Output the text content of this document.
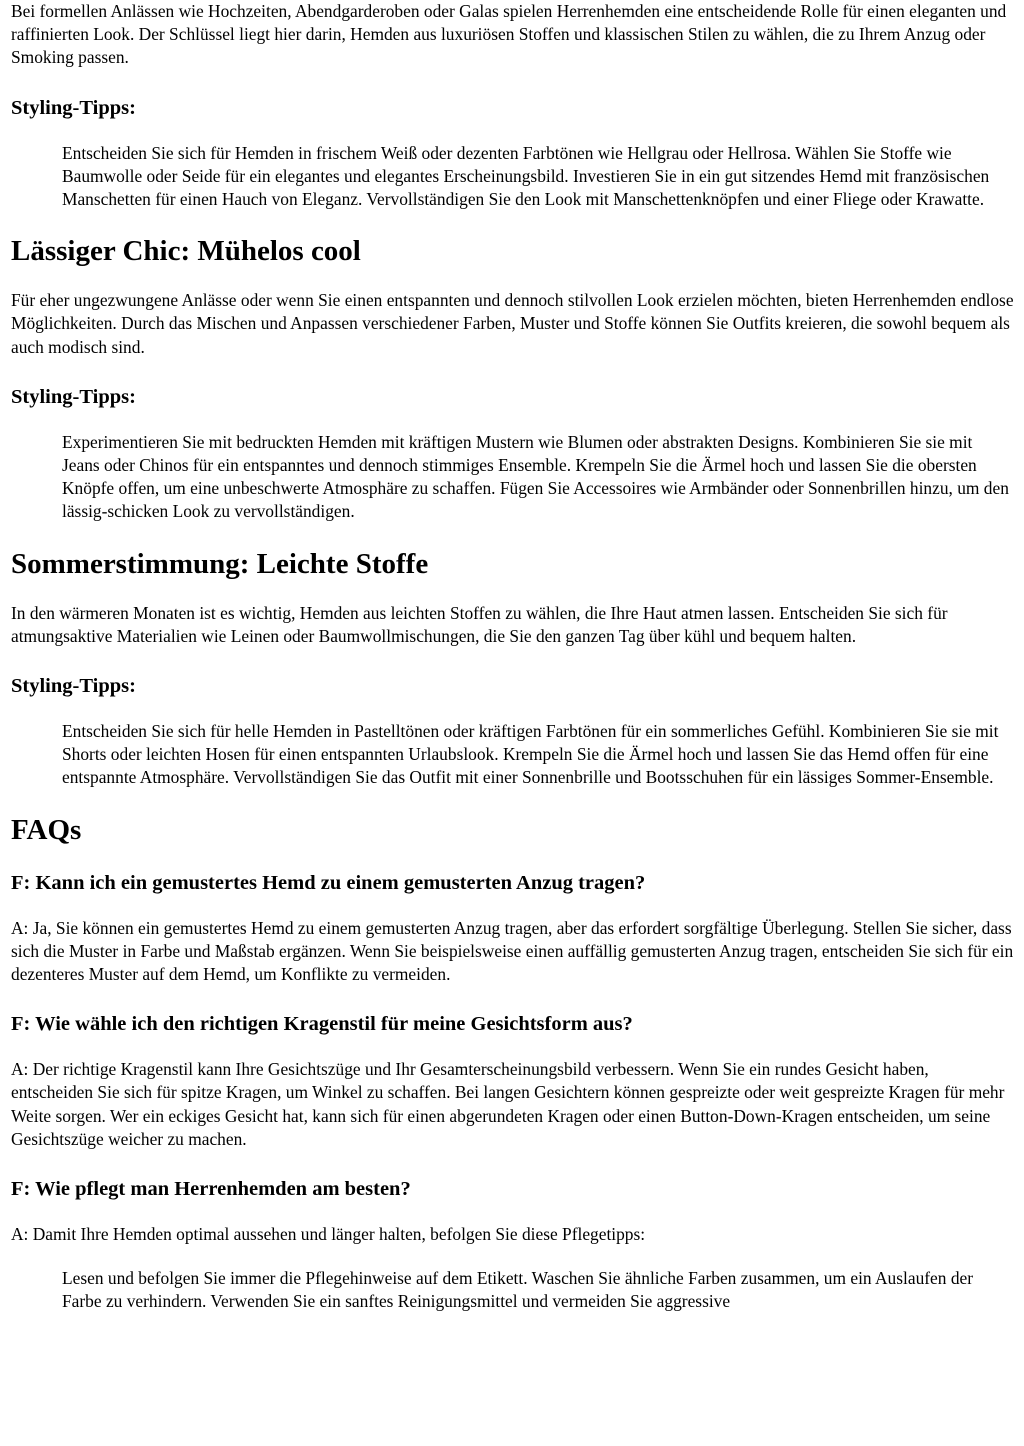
Bei formellen Anlässen wie Hochzeiten, Abendgarderoben oder Galas spielen Herrenhemden eine entscheidende Rolle für einen eleganten und raffinierten Look. Der Schlüssel liegt hier darin, Hemden aus luxuriösen Stoffen und klassischen Stilen zu wählen, die zu Ihrem Anzug oder Smoking passen.

Styling-Tipps:

Entscheiden Sie sich für Hemden in frischem Weiß oder dezenten Farbtönen wie Hellgrau oder Hellrosa. Wählen Sie Stoffe wie Baumwolle oder Seide für ein elegantes und elegantes Erscheinungsbild. Investieren Sie in ein gut sitzendes Hemd mit französischen Manschetten für einen Hauch von Eleganz. Vervollständigen Sie den Look mit Manschettenknöpfen und einer Fliege oder Krawatte.

Lässiger Chic: Mühelos cool

Für eher ungezwungene Anlässe oder wenn Sie einen entspannten und dennoch stilvollen Look erzielen möchten, bieten Herrenhemden endlose Möglichkeiten. Durch das Mischen und Anpassen verschiedener Farben, Muster und Stoffe können Sie Outfits kreieren, die sowohl bequem als auch modisch sind.

Styling-Tipps:

Experimentieren Sie mit bedruckten Hemden mit kräftigen Mustern wie Blumen oder abstrakten Designs. Kombinieren Sie sie mit Jeans oder Chinos für ein entspanntes und dennoch stimmiges Ensemble. Krempeln Sie die Ärmel hoch und lassen Sie die obersten Knöpfe offen, um eine unbeschwerte Atmosphäre zu schaffen. Fügen Sie Accessoires wie Armbänder oder Sonnenbrillen hinzu, um den lässig-schicken Look zu vervollständigen.

Sommerstimmung: Leichte Stoffe

In den wärmeren Monaten ist es wichtig, Hemden aus leichten Stoffen zu wählen, die Ihre Haut atmen lassen. Entscheiden Sie sich für atmungsaktive Materialien wie Leinen oder Baumwollmischungen, die Sie den ganzen Tag über kühl und bequem halten.

Styling-Tipps:

Entscheiden Sie sich für helle Hemden in Pastelltönen oder kräftigen Farbtönen für ein sommerliches Gefühl. Kombinieren Sie sie mit Shorts oder leichten Hosen für einen entspannten Urlaubslook. Krempeln Sie die Ärmel hoch und lassen Sie das Hemd offen für eine entspannte Atmosphäre. Vervollständigen Sie das Outfit mit einer Sonnenbrille und Bootsschuhen für ein lässiges Sommer-Ensemble.

FAQs
F: Kann ich ein gemustertes Hemd zu einem gemusterten Anzug tragen?

A: Ja, Sie können ein gemustertes Hemd zu einem gemusterten Anzug tragen, aber das erfordert sorgfältige Überlegung. Stellen Sie sicher, dass sich die Muster in Farbe und Maßstab ergänzen. Wenn Sie beispielsweise einen auffällig gemusterten Anzug tragen, entscheiden Sie sich für ein dezenteres Muster auf dem Hemd, um Konflikte zu vermeiden.

F: Wie wähle ich den richtigen Kragenstil für meine Gesichtsform aus?

A: Der richtige Kragenstil kann Ihre Gesichtszüge und Ihr Gesamterscheinungsbild verbessern. Wenn Sie ein rundes Gesicht haben, entscheiden Sie sich für spitze Kragen, um Winkel zu schaffen. Bei langen Gesichtern können gespreizte oder weit gespreizte Kragen für mehr Weite sorgen. Wer ein eckiges Gesicht hat, kann sich für einen abgerundeten Kragen oder einen Button-Down-Kragen entscheiden, um seine Gesichtszüge weicher zu machen.

F: Wie pflegt man Herrenhemden am besten?

A: Damit Ihre Hemden optimal aussehen und länger halten, befolgen Sie diese Pflegetipps:

Lesen und befolgen Sie immer die Pflegehinweise auf dem Etikett. Waschen Sie ähnliche Farben zusammen, um ein Auslaufen der Farbe zu verhindern. Verwenden Sie ein sanftes Reinigungsmittel und vermeiden Sie aggressive
